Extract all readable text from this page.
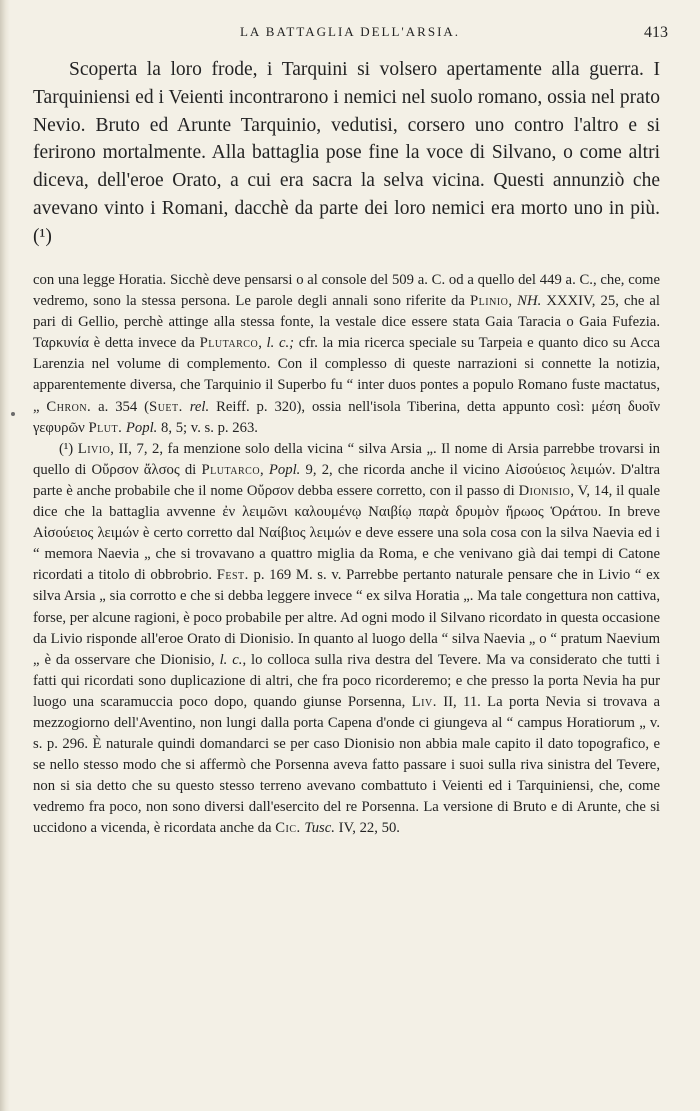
LA BATTAGLIA DELL'ARSIA.	413

Scoperta la loro frode, i Tarquini si volsero apertamente alla guerra. I Tarquiniensi ed i Veienti incontrarono i nemici nel suolo romano, ossia nel prato Nevio. Bruto ed Arunte Tarquinio, vedutisi, corsero uno contro l'altro e si ferirono mortalmente. Alla battaglia pose fine la voce di Silvano, o come altri diceva, dell'eroe Orato, a cui era sacra la selva vicina. Questi annunziò che avevano vinto i Romani, dacchè da parte dei loro nemici era morto uno in più. (¹)

con una legge Horatia. Sicchè deve pensarsi o al console del 509 a. C. od a quello del 449 a. C., che, come vedremo, sono la stessa persona. Le parole degli annali sono riferite da Plinio, NH. XXXIV, 25, che al pari di Gellio, perchè attinge alla stessa fonte, la vestale dice essere stata Gaia Taracia o Gaia Fufezia. Ταρκυνία è detta invece da Plutarco, l. c.; cfr. la mia ricerca speciale su Tarpeia e quanto dico su Acca Larenzia nel volume di complemento. Con il complesso di queste narrazioni si connette la notizia, apparentemente diversa, che Tarquinio il Superbo fu “ inter duos pontes a populo Romano fuste mactatus, „ Chron. a. 354 (Suet. rel. Reiff. p. 320), ossia nell'isola Tiberina, detta appunto così: μέση δυοῖν γεφυρῶν Plut. Popl. 8, 5; v. s. p. 263.

(¹) Livio, II, 7, 2, fa menzione solo della vicina “ silva Arsia „. Il nome di Arsia parrebbe trovarsi in quello di Οὔρσον ἄλσος di Plutarco, Popl. 9, 2, che ricorda anche il vicino Αἰσούειος λειμών. D'altra parte è anche probabile che il nome Οὔρσον debba essere corretto, con il passo di Dionisio, V, 14, il quale dice che la battaglia avvenne ἐν λειμῶνι καλουμένῳ Ναιβίῳ παρὰ δρυμὸν ἥρωος Ὁράτου. In breve Αἰσούειος λειμών è certo corretto dal Ναίβιος λειμών e deve essere una sola cosa con la silva Naevia ed i “ memora Naevia „ che si trovavano a quattro miglia da Roma, e che venivano già dai tempi di Catone ricordati a titolo di obbrobrio. Fest. p. 169 M. s. v. Parrebbe pertanto naturale pensare che in Livio “ ex silva Arsia „ sia corrotto e che si debba leggere invece “ ex silva Horatia „. Ma tale congettura non cattiva, forse, per alcune ragioni, è poco probabile per altre. Ad ogni modo il Silvano ricordato in questa occasione da Livio risponde all'eroe Orato di Dionisio. In quanto al luogo della “ silva Naevia „ o “ pratum Naevium „ è da osservare che Dionisio, l. c., lo colloca sulla riva destra del Tevere. Ma va considerato che tutti i fatti qui ricordati sono duplicazione di altri, che fra poco ricorderemo; e che presso la porta Nevia ha pur luogo una scaramuccia poco dopo, quando giunse Porsenna, Liv. II, 11. La porta Nevia si trovava a mezzogiorno dell'Aventino, non lungi dalla porta Capena d'onde ci giungeva al “ campus Horatiorum „ v. s. p. 296. È naturale quindi domandarci se per caso Dionisio non abbia male capito il dato topografico, e se nello stesso modo che si affermò che Porsenna aveva fatto passare i suoi sulla riva sinistra del Tevere, non si sia detto che su questo stesso terreno avevano combattuto i Veienti ed i Tarquiniensi, che, come vedremo fra poco, non sono diversi dall'esercito del re Porsenna. La versione di Bruto e di Arunte, che si uccidono a vicenda, è ricordata anche da Cic. Tusc. IV, 22, 50.
